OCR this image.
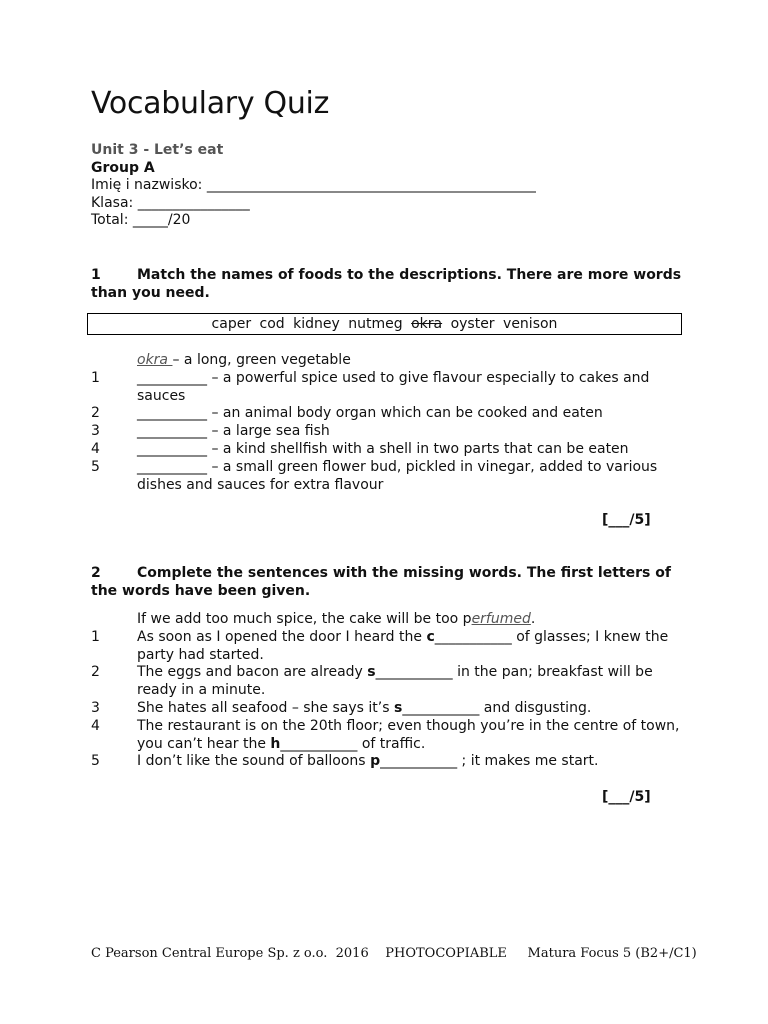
Vocabulary Quiz
Unit 3 - Let’s eat
Group A
Imię i nazwisko: _______________________________________________
Klasa: ________________
Total: _____/20
1	Match the names of foods to the descriptions. There are more words than you need.
caper cod kidney nutmeg okra oyster venison
okra – a long, green vegetable
1	__________ – a powerful spice used to give flavour especially to cakes and sauces
2	__________ – an animal body organ which can be cooked and eaten
3	__________ – a large sea fish
4	__________ – a kind shellfish with a shell in two parts that can be eaten
5	__________ – a small green flower bud, pickled in vinegar, added to various dishes and sauces for extra flavour
[___/5]
2	Complete the sentences with the missing words. The first letters of the words have been given.
If we add too much spice, the cake will be too perfumed.
1	As soon as I opened the door I heard the c___________ of glasses; I knew the party had started.
2	The eggs and bacon are already s___________ in the pan; breakfast will be ready in a minute.
3	She hates all seafood – she says it’s s___________ and disgusting.
4	The restaurant is on the 20th floor; even though you’re in the centre of town, you can’t hear the h___________ of traffic.
5	I don’t like the sound of balloons p___________ ; it makes me start.
[___/5]
C Pearson Central Europe Sp. z o.o.  2016    PHOTOCOPIABLE     Matura Focus 5 (B2+/C1)
